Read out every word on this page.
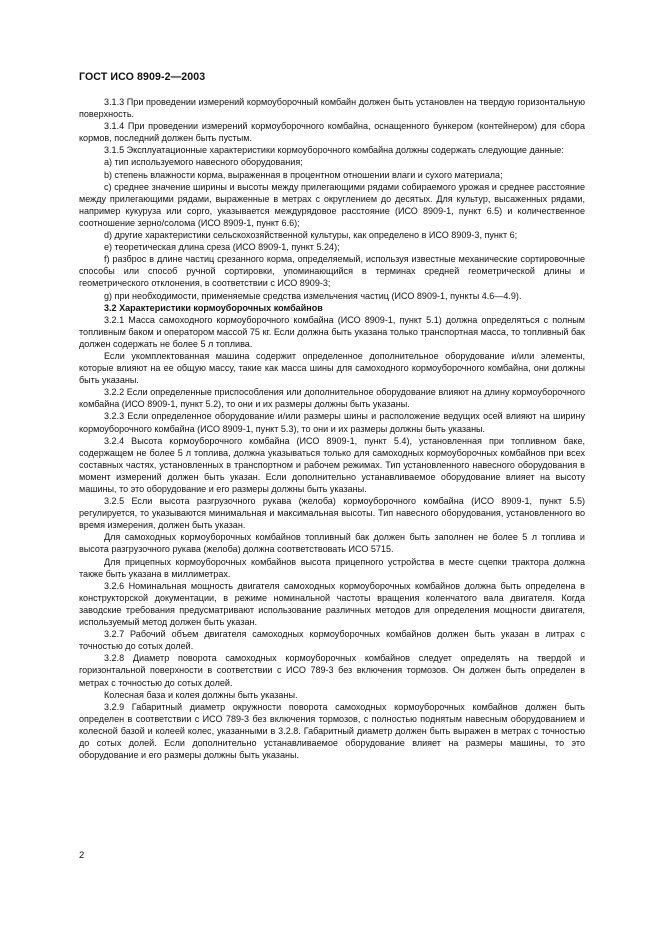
ГОСТ ИСО 8909-2—2003

3.1.3 При проведении измерений кормоуборочный комбайн должен быть установлен на твердую горизонтальную поверхность.

3.1.4 При проведении измерений кормоуборочного комбайна, оснащенного бункером (контейнером) для сбора кормов, последний должен быть пустым.

3.1.5 Эксплуатационные характеристики кормоуборочного комбайна должны содержать следующие данные:

a) тип используемого навесного оборудования;

b) степень влажности корма, выраженная в процентном отношении влаги и сухого материала;

c) среднее значение ширины и высоты между прилегающими рядами собираемого урожая и среднее расстояние между прилегающими рядами, выраженные в метрах с округлением до десятых. Для культур, высаженных рядами, например кукуруза или сорго, указывается междурядовое расстояние (ИСО 8909-1, пункт 6.5) и количественное соотношение зерно/солома (ИСО 8909-1, пункт 6.6);

d) другие характеристики сельскохозяйственной культуры, как определено в ИСО 8909-3, пункт 6;

e) теоретическая длина среза (ИСО 8909-1, пункт 5.24);

f) разброс в длине частиц срезанного корма, определяемый, используя известные механические сортировочные способы или способ ручной сортировки, упоминающийся в терминах средней геометрической длины и геометрического отклонения, в соответствии с ИСО 8909-3;

g) при необходимости, применяемые средства измельчения частиц (ИСО 8909-1, пункты 4.6—4.9).

3.2 Характеристики кормоуборочных комбайнов

3.2.1 Масса самоходного кормоуборочного комбайна (ИСО 8909-1, пункт 5.1) должна определяться с полным топливным баком и оператором массой 75 кг. Если должна быть указана только транспортная масса, то топливный бак должен содержать не более 5 л топлива.

Если укомплектованная машина содержит определенное дополнительное оборудование и/или элементы, которые влияют на ее общую массу, такие как масса шины для самоходного кормоуборочного комбайна, они должны быть указаны.

3.2.2 Если определенные приспособления или дополнительное оборудование влияют на длину кормоуборочного комбайна (ИСО 8909-1, пункт 5.2), то они и их размеры должны быть указаны.

3.2.3 Если определенное оборудование и/или размеры шины и расположение ведущих осей влияют на ширину кормоуборочного комбайна (ИСО 8909-1, пункт 5.3), то они и их размеры должны быть указаны.

3.2.4 Высота кормоуборочного комбайна (ИСО 8909-1, пункт 5.4), установленная при топливном баке, содержащем не более 5 л топлива, должна указываться только для самоходных кормоуборочных комбайнов при всех составных частях, установленных в транспортном и рабочем режимах. Тип установленного навесного оборудования в момент измерений должен быть указан. Если дополнительно устанавливаемое оборудование влияет на высоту машины, то это оборудование и его размеры должны быть указаны.

3.2.5 Если высота разгрузочного рукава (желоба) кормоуборочного комбайна (ИСО 8909-1, пункт 5.5) регулируется, то указываются минимальная и максимальная высоты. Тип навесного оборудования, установленного во время измерения, должен быть указан.

Для самоходных кормоуборочных комбайнов топливный бак должен быть заполнен не более 5 л топлива и высота разгрузочного рукава (желоба) должна соответствовать ИСО 5715.

Для прицепных кормоуборочных комбайнов высота прицепного устройства в месте сцепки трактора должна также быть указана в миллиметрах.

3.2.6 Номинальная мощность двигателя самоходных кормоуборочных комбайнов должна быть определена в конструкторской документации, в режиме номинальной частоты вращения коленчатого вала двигателя. Когда заводские требования предусматривают использование различных методов для определения мощности двигателя, используемый метод должен быть указан.

3.2.7 Рабочий объем двигателя самоходных кормоуборочных комбайнов должен быть указан в литрах с точностью до сотых долей.

3.2.8 Диаметр поворота самоходных кормоуборочных комбайнов следует определять на твердой и горизонтальной поверхности в соответствии с ИСО 789-3 без включения тормозов. Он должен быть определен в метрах с точностью до сотых долей.

Колесная база и колея должны быть указаны.

3.2.9 Габаритный диаметр окружности поворота самоходных кормоуборочных комбайнов должен быть определен в соответствии с ИСО 789-3 без включения тормозов, с полностью поднятым навесным оборудованием и колесной базой и колеей колес, указанными в 3.2.8. Габаритный диаметр должен быть выражен в метрах с точностью до сотых долей. Если дополнительно устанавливаемое оборудование влияет на размеры машины, то это оборудование и его размеры должны быть указаны.

2
